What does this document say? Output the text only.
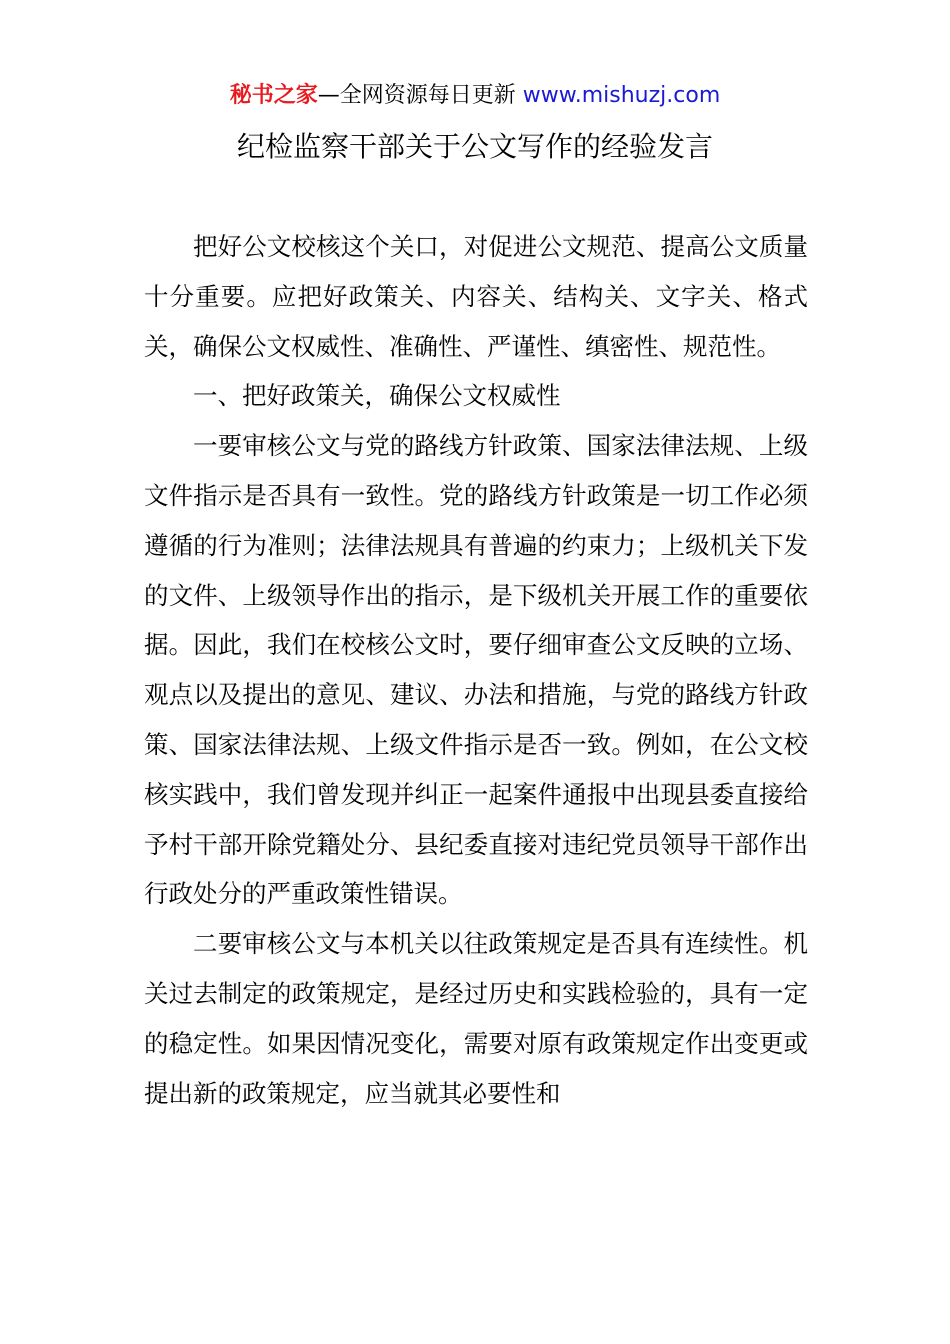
秘书之家—全网资源每日更新 www.mishuzj.com
纪检监察干部关于公文写作的经验发言

把好公文校核这个关口，对促进公文规范、提高公文质量十分重要。应把好政策关、内容关、结构关、文字关、格式关，确保公文权威性、准确性、严谨性、缜密性、规范性。

一、把好政策关，确保公文权威性

一要审核公文与党的路线方针政策、国家法律法规、上级文件指示是否具有一致性。党的路线方针政策是一切工作必须遵循的行为准则；法律法规具有普遍的约束力；上级机关下发的文件、上级领导作出的指示，是下级机关开展工作的重要依据。因此，我们在校核公文时，要仔细审查公文反映的立场、观点以及提出的意见、建议、办法和措施，与党的路线方针政策、国家法律法规、上级文件指示是否一致。例如，在公文校核实践中，我们曾发现并纠正一起案件通报中出现县委直接给予村干部开除党籍处分、县纪委直接对违纪党员领导干部作出行政处分的严重政策性错误。

二要审核公文与本机关以往政策规定是否具有连续性。机关过去制定的政策规定，是经过历史和实践检验的，具有一定的稳定性。如果因情况变化，需要对原有政策规定作出变更或提出新的政策规定，应当就其必要性和
